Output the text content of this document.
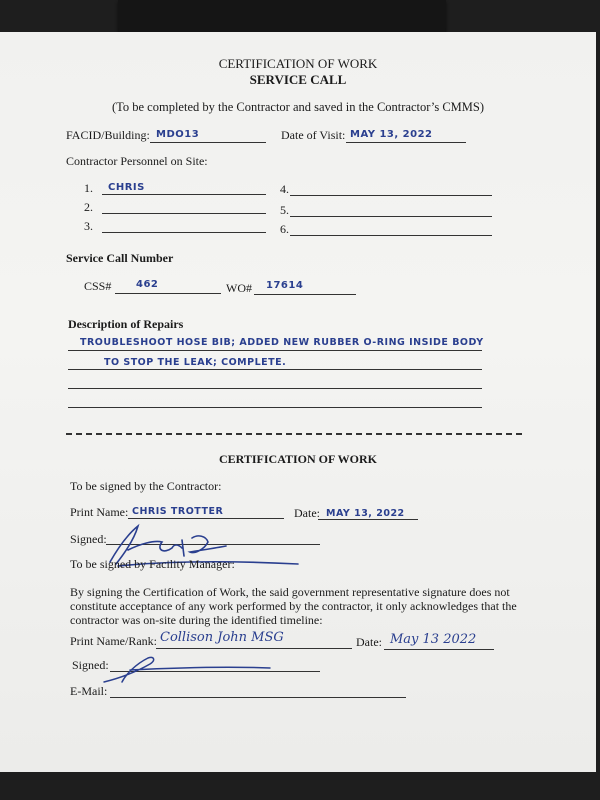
CERTIFICATION OF WORK
SERVICE CALL
(To be completed by the Contractor and saved in the Contractor’s CMMS)
FACID/Building: MDO13	Date of Visit: MAY 13, 2022
Contractor Personnel on Site:
1. CHRIS
2.
3.
4.
5.
6.
Service Call Number
CSS# 462	WO# 17614
Description of Repairs
TROUBLESHOOT HOSE BIB; ADDED NEW RUBBER O-RING INSIDE BODY
TO STOP THE LEAK; COMPLETE.
CERTIFICATION OF WORK
To be signed by the Contractor:
Print Name: CHRIS TROTTER	Date: MAY 13, 2022
Signed:
To be signed by Facility Manager:
By signing the Certification of Work, the said government representative signature does not
constitute acceptance of any work performed by the contractor, it only acknowledges that the
contractor was on-site during the identified timeline:
Print Name/Rank: Collison John MSG	Date: May 13 2022
Signed:
E-Mail:
